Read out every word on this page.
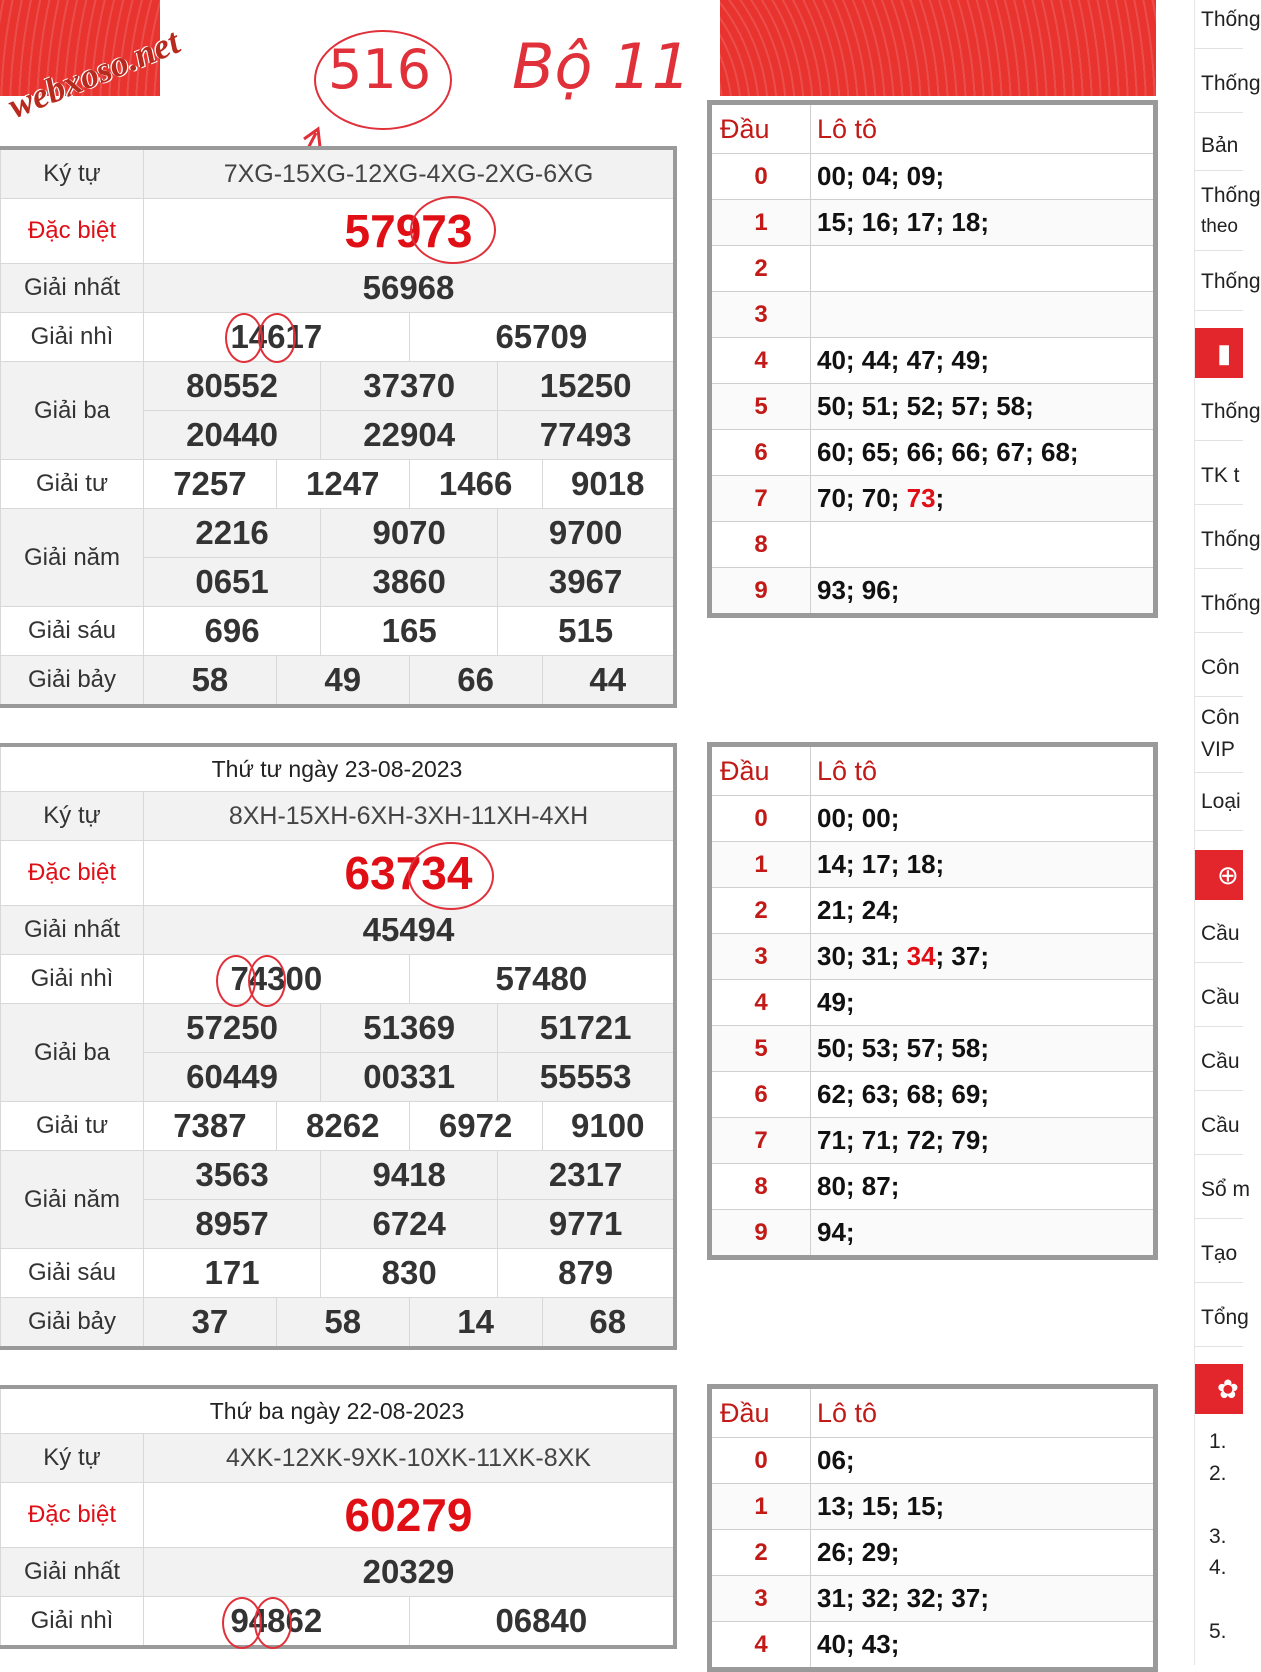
webxoso.net	516 Bộ 11
Ký tự	7XG-15XG-12XG-4XG-2XG-6XG					
Đặc biệt	57973					
Giải nhất	56968					
Giải nhì	14617			65709		
Giải ba	80552		37370		15250	
	20440		22904		77493	
Giải tư	7257	1247		1466		9018
Giải năm	2216		9070		9700	
	0651		3860		3967	
Giải sáu	696		165		515	
Giải bảy	58	49		66		44
Đầu	Lô tô
0	00; 04; 09;
1	15; 16; 17; 18;
2	
3	
4	40; 44; 47; 49;
5	50; 51; 52; 57; 58;
6	60; 65; 66; 66; 67; 68;
7	70; 70; 73;
8	
9	93; 96;
Thứ tư ngày 23-08-2023						
Ký tự	8XH-15XH-6XH-3XH-11XH-4XH					
Đặc biệt	63734					
Giải nhất	45494					
Giải nhì	74300			57480		
Giải ba	57250		51369		51721	
	60449		00331		55553	
Giải tư	7387	8262		6972		9100
Giải năm	3563		9418		2317	
	8957		6724		9771	
Giải sáu	171		830		879	
Giải bảy	37	58		14		68
Đầu	Lô tô
0	00; 00;
1	14; 17; 18;
2	21; 24;
3	30; 31; 34; 37;
4	49;
5	50; 53; 57; 58;
6	62; 63; 68; 69;
7	71; 71; 72; 79;
8	80; 87;
9	94;
Thứ ba ngày 22-08-2023		
Ký tự	4XK-12XK-9XK-10XK-11XK-8XK	
Đặc biệt	60279	
Giải nhất	20329	
Giải nhì	94862	06840
Đầu	Lô tô
0	06;
1	13; 15; 15;
2	26; 29;
3	31; 32; 32; 37;
4	40; 43;
Thống
Thống
Bản
Thống
theo
Thống
▮
Thống
TK t
Thống
Thống
Côn
Côn
VIP
Loại
⊕
Cầu
Cầu
Cầu
Cầu
Sổ m
Tạo
Tổng
✿
1.
2.
3.
4.
5.
